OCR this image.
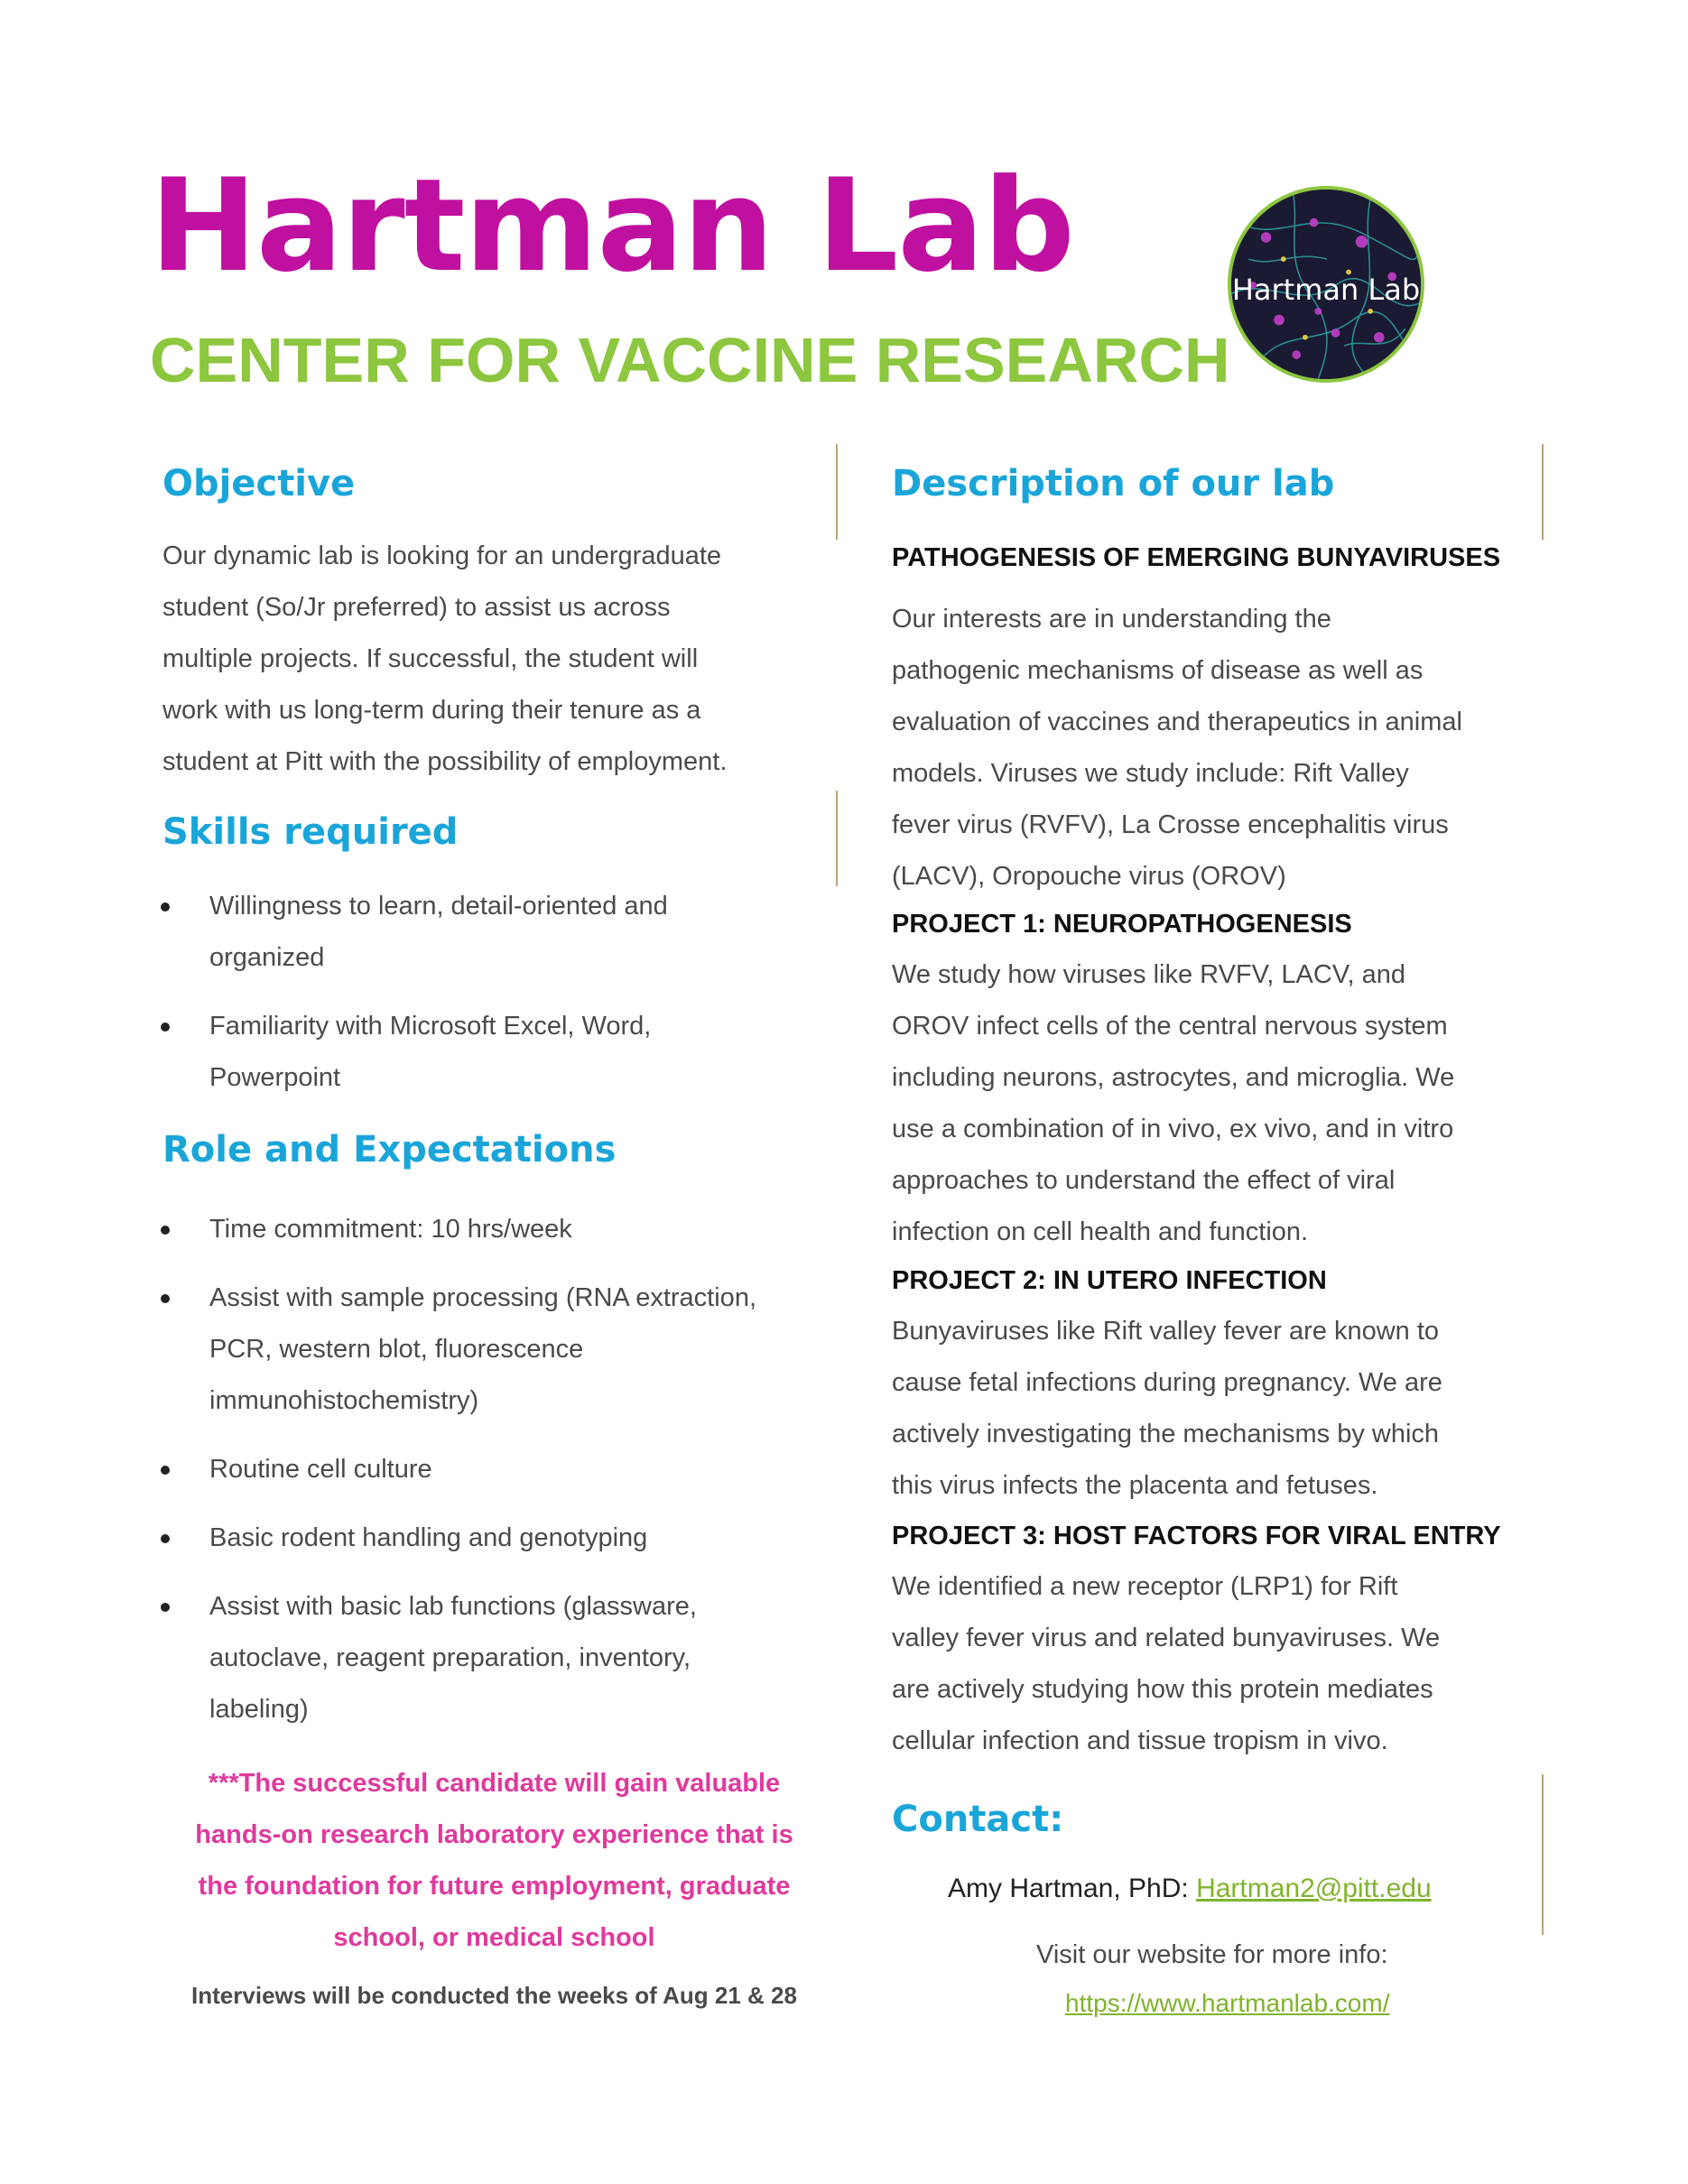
Hartman Lab
CENTER FOR VACCINE RESEARCH
Hartman Lab
Objective
Our dynamic lab is looking for an undergraduate
student (So/Jr preferred) to assist us across
multiple projects. If successful, the student will
work with us long-term during their tenure as a
student at Pitt with the possibility of employment.
Skills required
Willingness to learn, detail-oriented and
organized
Familiarity with Microsoft Excel, Word,
Powerpoint
Role and Expectations
Time commitment: 10 hrs/week
Assist with sample processing (RNA extraction,
PCR, western blot, fluorescence
immunohistochemistry)
Routine cell culture
Basic rodent handling and genotyping
Assist with basic lab functions (glassware,
autoclave, reagent preparation, inventory,
labeling)
***The successful candidate will gain valuable
hands-on research laboratory experience that is
the foundation for future employment, graduate
school, or medical school
Interviews will be conducted the weeks of Aug 21 & 28
Description of our lab
PATHOGENESIS OF EMERGING BUNYAVIRUSES
Our interests are in understanding the
pathogenic mechanisms of disease as well as
evaluation of vaccines and therapeutics in animal
models. Viruses we study include: Rift Valley
fever virus (RVFV), La Crosse encephalitis virus
(LACV), Oropouche virus (OROV)
PROJECT 1: NEUROPATHOGENESIS
We study how viruses like RVFV, LACV, and
OROV infect cells of the central nervous system
including neurons, astrocytes, and microglia. We
use a combination of in vivo, ex vivo, and in vitro
approaches to understand the effect of viral
infection on cell health and function.
PROJECT 2: IN UTERO INFECTION
Bunyaviruses like Rift valley fever are known to
cause fetal infections during pregnancy. We are
actively investigating the mechanisms by which
this virus infects the placenta and fetuses.
PROJECT 3: HOST FACTORS FOR VIRAL ENTRY
We identified a new receptor (LRP1) for Rift
valley fever virus and related bunyaviruses. We
are actively studying how this protein mediates
cellular infection and tissue tropism in vivo.
Contact:
Amy Hartman, PhD: Hartman2@pitt.edu
Visit our website for more info:
https://www.hartmanlab.com/
